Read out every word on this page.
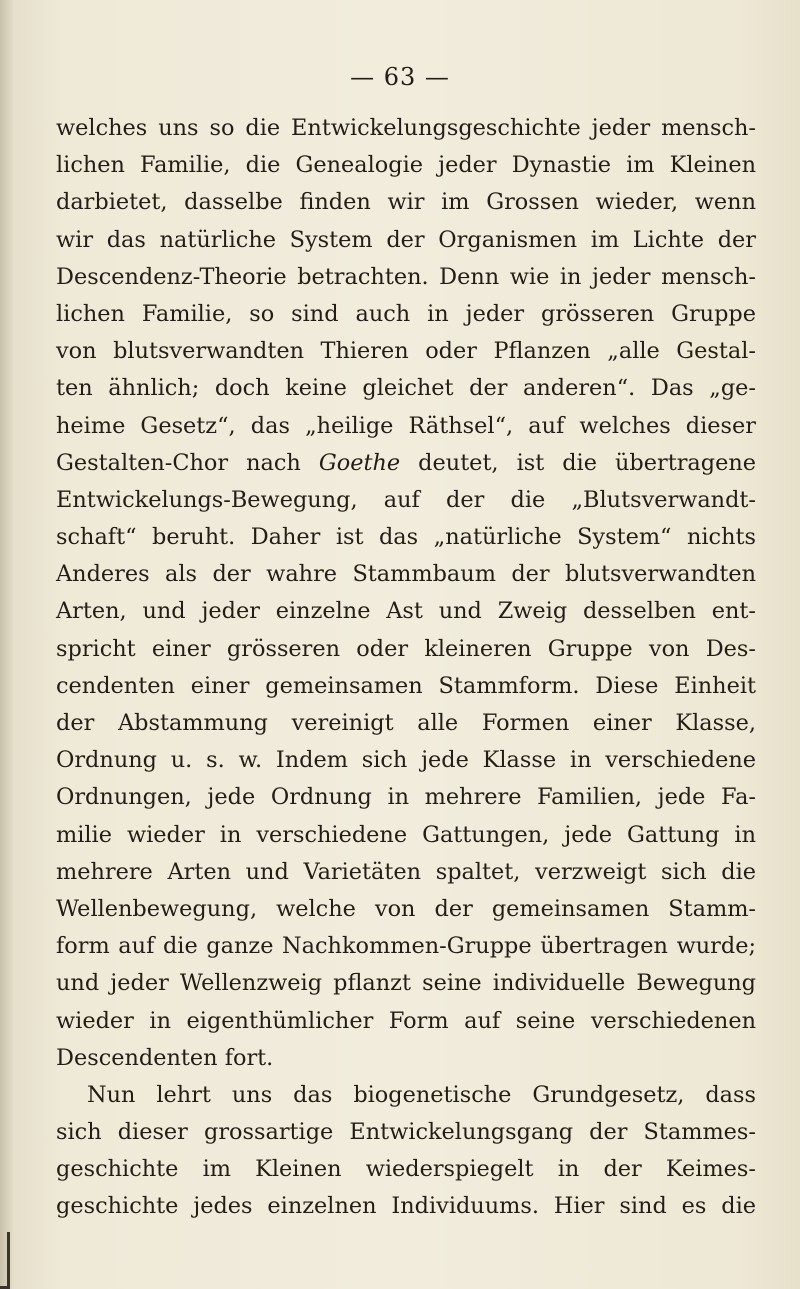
— 63 —
welches uns so die Entwickelungsgeschichte jeder mensch-
lichen Familie, die Genealogie jeder Dynastie im Kleinen
darbietet, dasselbe finden wir im Grossen wieder, wenn
wir das natürliche System der Organismen im Lichte der
Descendenz-Theorie betrachten. Denn wie in jeder mensch-
lichen Familie, so sind auch in jeder grösseren Gruppe
von blutsverwandten Thieren oder Pflanzen „alle Gestal-
ten ähnlich; doch keine gleichet der anderen“. Das „ge-
heime Gesetz“, das „heilige Räthsel“, auf welches dieser
Gestalten-Chor nach Goethe deutet, ist die übertragene
Entwickelungs-Bewegung, auf der die „Blutsverwandt-
schaft“ beruht. Daher ist das „natürliche System“ nichts
Anderes als der wahre Stammbaum der blutsverwandten
Arten, und jeder einzelne Ast und Zweig desselben ent-
spricht einer grösseren oder kleineren Gruppe von Des-
cendenten einer gemeinsamen Stammform. Diese Einheit
der Abstammung vereinigt alle Formen einer Klasse,
Ordnung u. s. w. Indem sich jede Klasse in verschiedene
Ordnungen, jede Ordnung in mehrere Familien, jede Fa-
milie wieder in verschiedene Gattungen, jede Gattung in
mehrere Arten und Varietäten spaltet, verzweigt sich die
Wellenbewegung, welche von der gemeinsamen Stamm-
form auf die ganze Nachkommen-Gruppe übertragen wurde;
und jeder Wellenzweig pflanzt seine individuelle Bewegung
wieder in eigenthümlicher Form auf seine verschiedenen
Descendenten fort.
Nun lehrt uns das biogenetische Grundgesetz, dass
sich dieser grossartige Entwickelungsgang der Stammes-
geschichte im Kleinen wiederspiegelt in der Keimes-
geschichte jedes einzelnen Individuums. Hier sind es die
